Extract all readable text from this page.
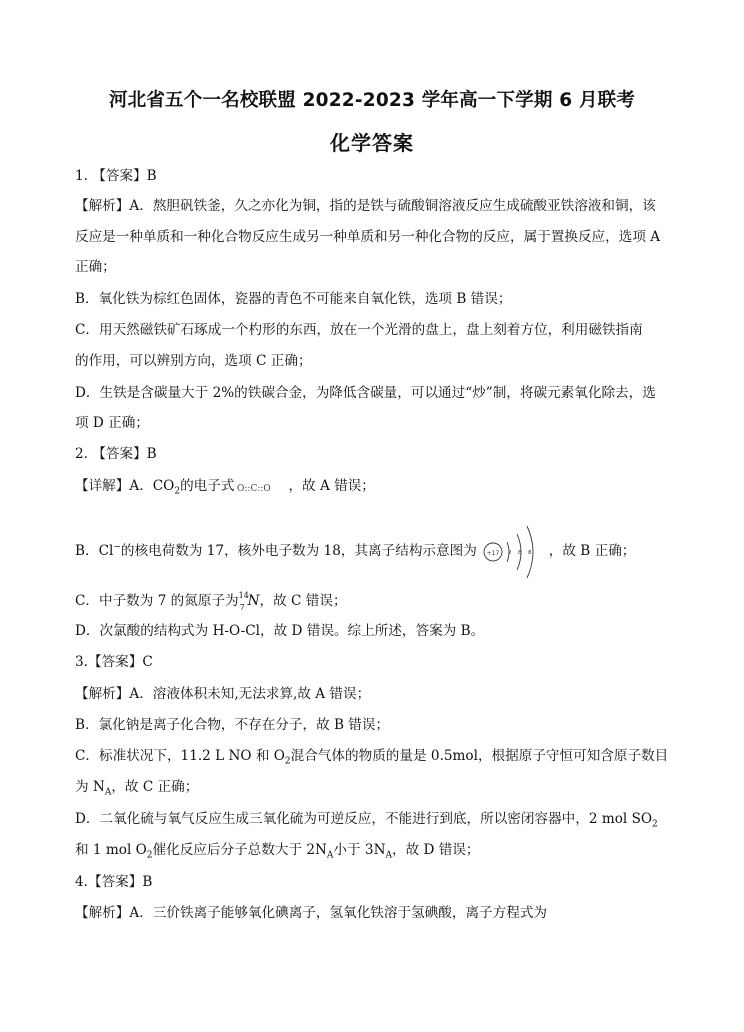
河北省五个一名校联盟 2022-2023 学年高一下学期 6 月联考
化学答案
1. 【答案】B
【解析】A．熬胆矾铁釜，久之亦化为铜，指的是铁与硫酸铜溶液反应生成硫酸亚铁溶液和铜，该
反应是一种单质和一种化合物反应生成另一种单质和另一种化合物的反应，属于置换反应，选项 A
正确；
B．氧化铁为棕红色固体，瓷器的青色不可能来自氧化铁，选项 B 错误；
C．用天然磁铁矿石琢成一个杓形的东西，放在一个光滑的盘上，盘上刻着方位，利用磁铁指南
的作用，可以辨别方向，选项 C 正确；
D．生铁是含碳量大于 2%的铁碳合金，为降低含碳量，可以通过“炒”制，将碳元素氧化除去，选
项 D 正确；
2. 【答案】B
【详解】A．$CO_2$的电子式 O::C::O ，故 A 错误；
B．Cl−的核电荷数为 17，核外电子数为 18，其离子结构示意图为 +17 2 8 8 ，故 B 正确；
C．中子数为 7 的氮原子为 14
7 N，故 C 错误；
D．次氯酸的结构式为 H-O-Cl，故 D 错误。综上所述，答案为 B。
3.【答案】C
【解析】A．溶液体积未知,无法求算,故 A 错误；
B．氯化钠是离子化合物，不存在分子，故 B 错误；
C．标准状况下，11.2 L NO 和 $O_2$混合气体的物质的量是 0.5mol，根据原子守恒可知含原子数目
为 $N_A$，故 C 正确；
D．二氧化硫与氧气反应生成三氧化硫为可逆反应，不能进行到底，所以密闭容器中，2 mol $SO_2$
和 1 mol $O_2$催化反应后分子总数大于 $2N_A$小于 $3N_A$，故 D 错误；
4.【答案】B
【解析】A．三价铁离子能够氧化碘离子，氢氧化铁溶于氢碘酸，离子方程式为
